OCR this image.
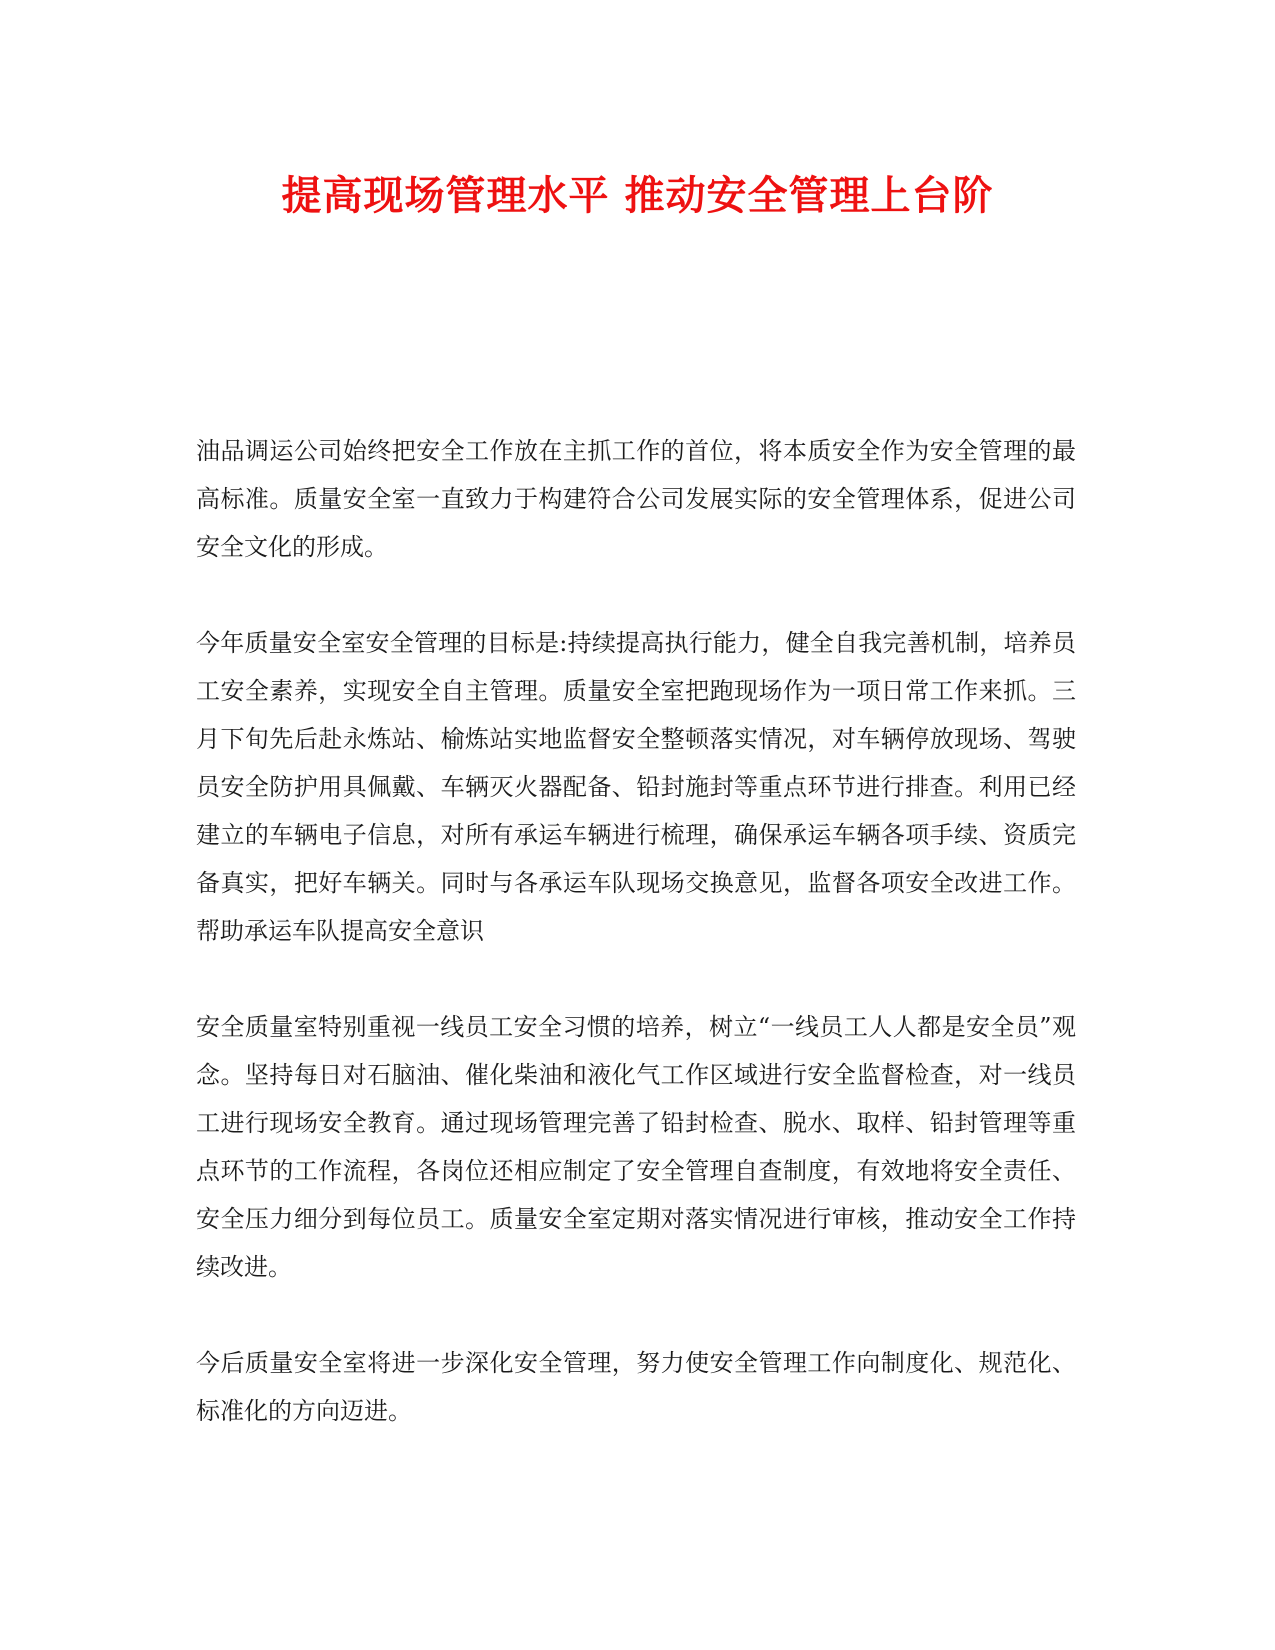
提高现场管理水平 推动安全管理上台阶

油品调运公司始终把安全工作放在主抓工作的首位，将本质安全作为安全管理的最高标准。质量安全室一直致力于构建符合公司发展实际的安全管理体系，促进公司安全文化的形成。

今年质量安全室安全管理的目标是:持续提高执行能力，健全自我完善机制，培养员工安全素养，实现安全自主管理。质量安全室把跑现场作为一项日常工作来抓。三月下旬先后赴永炼站、榆炼站实地监督安全整顿落实情况，对车辆停放现场、驾驶员安全防护用具佩戴、车辆灭火器配备、铅封施封等重点环节进行排查。利用已经建立的车辆电子信息，对所有承运车辆进行梳理，确保承运车辆各项手续、资质完备真实，把好车辆关。同时与各承运车队现场交换意见，监督各项安全改进工作。帮助承运车队提高安全意识

安全质量室特别重视一线员工安全习惯的培养，树立“一线员工人人都是安全员”观念。坚持每日对石脑油、催化柴油和液化气工作区域进行安全监督检查，对一线员工进行现场安全教育。通过现场管理完善了铅封检查、脱水、取样、铅封管理等重点环节的工作流程，各岗位还相应制定了安全管理自查制度，有效地将安全责任、安全压力细分到每位员工。质量安全室定期对落实情况进行审核，推动安全工作持续改进。

今后质量安全室将进一步深化安全管理，努力使安全管理工作向制度化、规范化、标准化的方向迈进。
